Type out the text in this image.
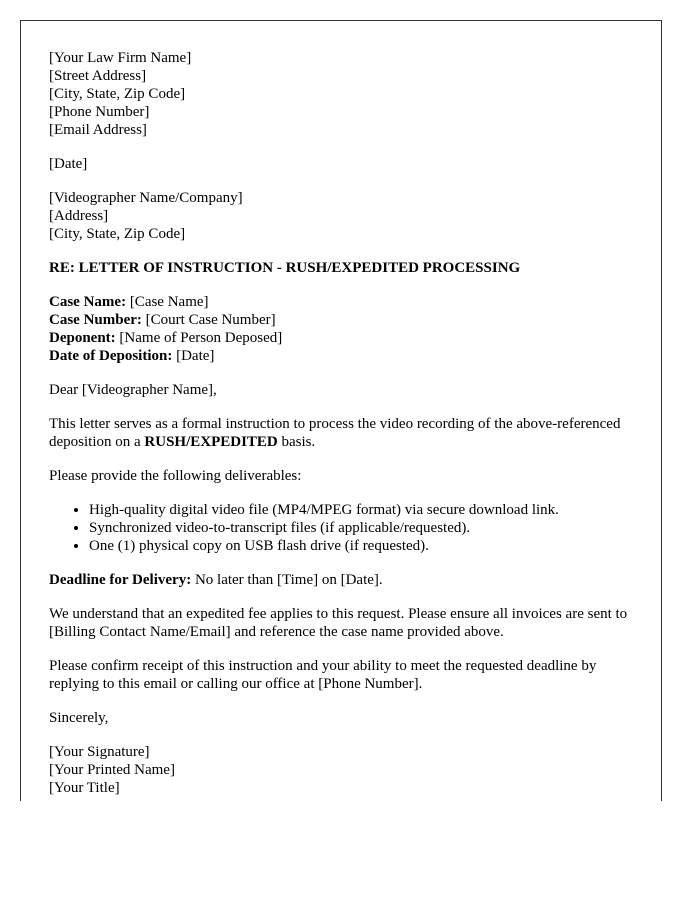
[Your Law Firm Name]
[Street Address]
[City, State, Zip Code]
[Phone Number]
[Email Address]

[Date]

[Videographer Name/Company]
[Address]
[City, State, Zip Code]

RE: LETTER OF INSTRUCTION - RUSH/EXPEDITED PROCESSING

Case Name: [Case Name]
Case Number: [Court Case Number]
Deponent: [Name of Person Deposed]
Date of Deposition: [Date]

Dear [Videographer Name],

This letter serves as a formal instruction to process the video recording of the above-referenced deposition on a RUSH/EXPEDITED basis.

Please provide the following deliverables:

• High-quality digital video file (MP4/MPEG format) via secure download link.
• Synchronized video-to-transcript files (if applicable/requested).
• One (1) physical copy on USB flash drive (if requested).

Deadline for Delivery: No later than [Time] on [Date].

We understand that an expedited fee applies to this request. Please ensure all invoices are sent to [Billing Contact Name/Email] and reference the case name provided above.

Please confirm receipt of this instruction and your ability to meet the requested deadline by replying to this email or calling our office at [Phone Number].

Sincerely,

[Your Signature]
[Your Printed Name]
[Your Title]
